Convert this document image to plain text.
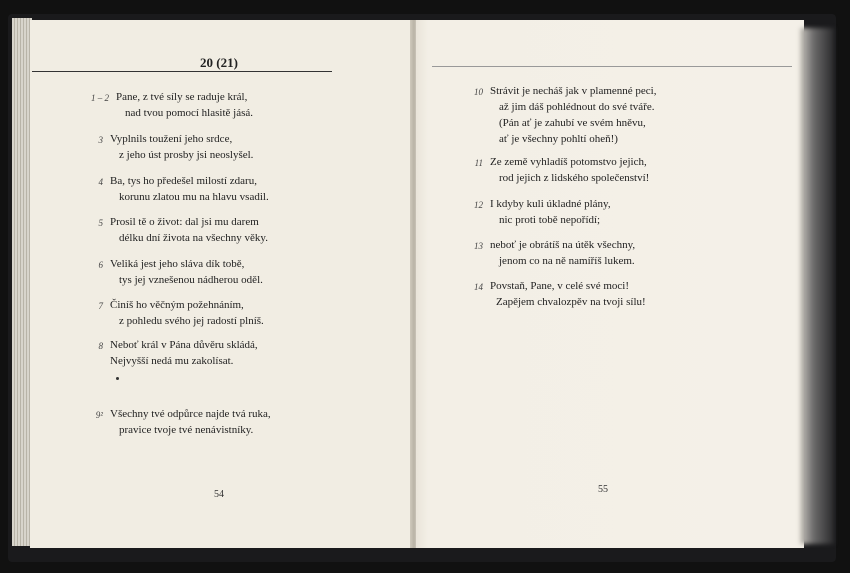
20 (21)
1 – 2 Pane, z tvé síly se raduje král,
nad tvou pomocí hlasitě jásá.
3 Vyplnils toužení jeho srdce,
z jeho úst prosby jsi neoslyšel.
4 Ba, tys ho předešel milostí zdaru,
korunu zlatou mu na hlavu vsadil.
5 Prosil tě o život: dal jsi mu darem
délku dní života na všechny věky.
6 Veliká jest jeho sláva dík tobě,
tys jej vznešenou nádherou oděl.
7 Činíš ho věčným požehnáním,
z pohledu svého jej radostí plníš.
8 Neboť král v Pána důvěru skládá,
Nejvyšší nedá mu zakolísat.
9² Všechny tvé odpůrce najde tvá ruka,
pravice tvoje tvé nenávistníky.
54
10 Strávit je necháš jak v plamenné peci,
až jim dáš pohlédnout do své tváře.
(Pán ať je zahubí ve svém hněvu,
ať je všechny pohltí oheň!)
11 Ze země vyhladíš potomstvo jejich,
rod jejich z lidského společenství!
12 I kdyby kuli úkladné plány,
nic proti tobě nepořídí;
13 neboť je obrátíš na útěk všechny,
jenom co na ně namíříš lukem.
14 Povstaň, Pane, v celé své moci!
Zapějem chvalozpěv na tvoji sílu!
55
